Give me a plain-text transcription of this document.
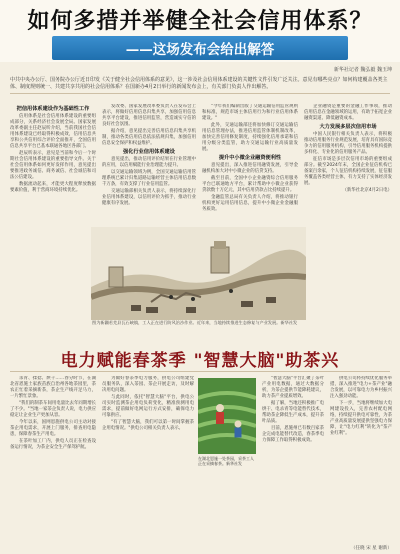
如何多措并举健全社会信用体系？
——这场发布会给出解答
新华社记者 魏弘毅 魏玉坤
中共中央办公厅、国务院办公厅近日印发《关于健全社会信用体系的意见》，这一涉及社会信用体系建设的关键性文件引发广泛关注。意见有哪些亮点？如何构建覆盖各类主体、制度规则统一、共建共享共用的社会信用体系？在国新办4月2日举行的新闻发布会上，有关部门负责人作出解答。
把信用体系建设作为基础性工作

信用体系是社会信用体系建设的重要组成部分，关系经济社会发展全局。国家发展改革委副主任赵辰昕介绍，当前我国社会信用体系建设已经取得积极成效，信用信息共享和公共信用综合评价全面推开，全国信用信息共享平台已基本联通各地区各部门。

赵辰昕表示，意见是当前和今后一个时期社会信用体系建设的重要指导文件。关于社会信用体系如何更好发挥作用，意见提出要推进政务诚信、商务诚信、社会诚信和司法公信建设。

数据流动起来，才能更大程度释放数据要素价值，利于营商环境持续优化。

发改委、国家发展改革委负责人在发布会上表示，将做好信用信息归集共享，加强信用信息共享平台建设，推进信用监管，营造诚实守信的良好社会氛围。

据介绍，意见提出完善信用信息归集共享机制，推动各类信用信息依法依规归集，加强信用信息安全保护和权益维护。

强化行业信用体系建设

意见提出，推动信用评价结果在行业管理中的应用，以信用赋能行业治理能力提升。

以交通运输领域为例，全国交通运输信用管理系统已累计归集道路运输经营主体信用信息数千万条，有效支撑了行业信用监管。

交通运输部相关负责人表示，将持续深化行业信用体系建设，以信用评价为抓手，推动行业健康有序发展。

"今年我们编制出版了交通运输信用监管规则和标准，规范市场主体信用行为和行业信用体系建设。"

此外，交通运输部还将加快修订交通运输信用信息管理办法，推进信用监管体制机制改革，加快完善信用修复制度，持续强化信用承诺和信用分级分类监管，助力交通运输行业高质量发展。

提升中小微企业融资便利性

意见提出，深入推进信用融资发展，引导金融机构加大对中小微企业的信贷支持。

截至目前，全国中小企业融资综合信用服务平台已联通地方平台，累计帮助中小微企业获得贷款数十万亿元，其中信用贷款占比持续提升。

金融监管总局有关负责人介绍，将推动银行机构更好运用信用信息，提升中小微企业金融服务质效。

企业融资是重要的金融工作事项，推动信用信息在金融领域的运用，有助于拓宽企业融资渠道、降低融资成本。

大力发展多层次信用市场

中国人民银行相关负责人表示，将积极推动信用服务行业规范发展，培育具有国际竞争力的信用服务机构，引导信用服务机构提供多样化、专业化的信用服务产品。

征信市场是多层次信用市场的重要组成部分。截至2024年末，全国企业征信机构已备案百余家，个人征信机构持续发展，征信服务覆盖各类经营主体，有力支持了实体经济发展。

（新华社北京4月2日电）

图为新疆若羌县瓦石峡镇，工人正在进行防风治沙作业。近年来，当地持续推进生态修复与产业发展。新华社发
电力赋能春茶季 "智慧大脑"助茶兴

杀青、揉捻、烘干……春分时节，在湖北省恩施土家族苗族自治州各地茶园里，茶农正忙着采摘新茶，茶企生产线开足马力，一片繁忙景象。

"我们的制茶车间用电量比去年同期增长了不少。"当地一家茶企负责人说，电力供应稳定让企业生产更加从容。

今年以来，国网恩施供电公司主动对接茶企用电需求，开展上门服务，排查用电隐患，保障春茶生产用电。

在茶叶加工厂内，供电人员正在检查设备运行情况，为茶企安全生产保驾护航。

为做好春茶季电力服务，供电公司组建党员服务队，深入茶园、茶企开展走访，及时解决用电问题。

与此同时，依托"智慧大脑"平台，供电公司实时监测茶企用电负荷变化，精准预测用电需求，提前做好电网运行方式安排，确保电力可靠供应。

"有了智慧大脑，我们可以第一时间掌握茶企用电情况。"供电公司相关负责人表示。

在湖北恩施一处茶园，采茶工人正在采摘春茶。新华社发

"智慧大脑"平台汇聚了茶叶产业用电数据，通过大数据分析，为茶企提供节能降耗建议，助力茶产业提质增效。

据了解，当地还积极推广电烘干、电杀青等电能替代技术，帮助茶企降低生产成本，提升茶叶品质。

目前，恩施州已有数百家茶企完成电能替代改造，春茶季电力保障工作取得积极成效。

供电公司将持续优化服务举措，深入推进"电力+茶产业"融合发展，以可靠电力为乡村振兴注入强劲动能。

下一步，当地将继续加大电网建设投入，完善农村配电网络，持续提升供电可靠性，为茶产业高质量发展提供坚强电力保障，让"电力红利"转化为"茶产业红利"。

（任晓 宋 星 谢新）
